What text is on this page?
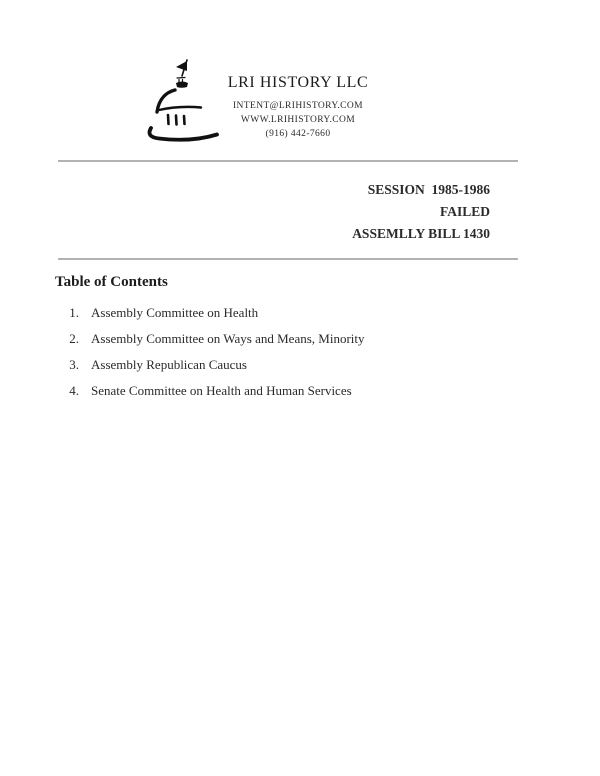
LRI HISTORY LLC
INTENT@LRIHISTORY.COM
WWW.LRIHISTORY.COM
(916) 442-7660
SESSION  1985-1986
FAILED
ASSEMLLY BILL 1430
Table of Contents
1. Assembly Committee on Health
2. Assembly Committee on Ways and Means, Minority
3. Assembly Republican Caucus
4. Senate Committee on Health and Human Services
